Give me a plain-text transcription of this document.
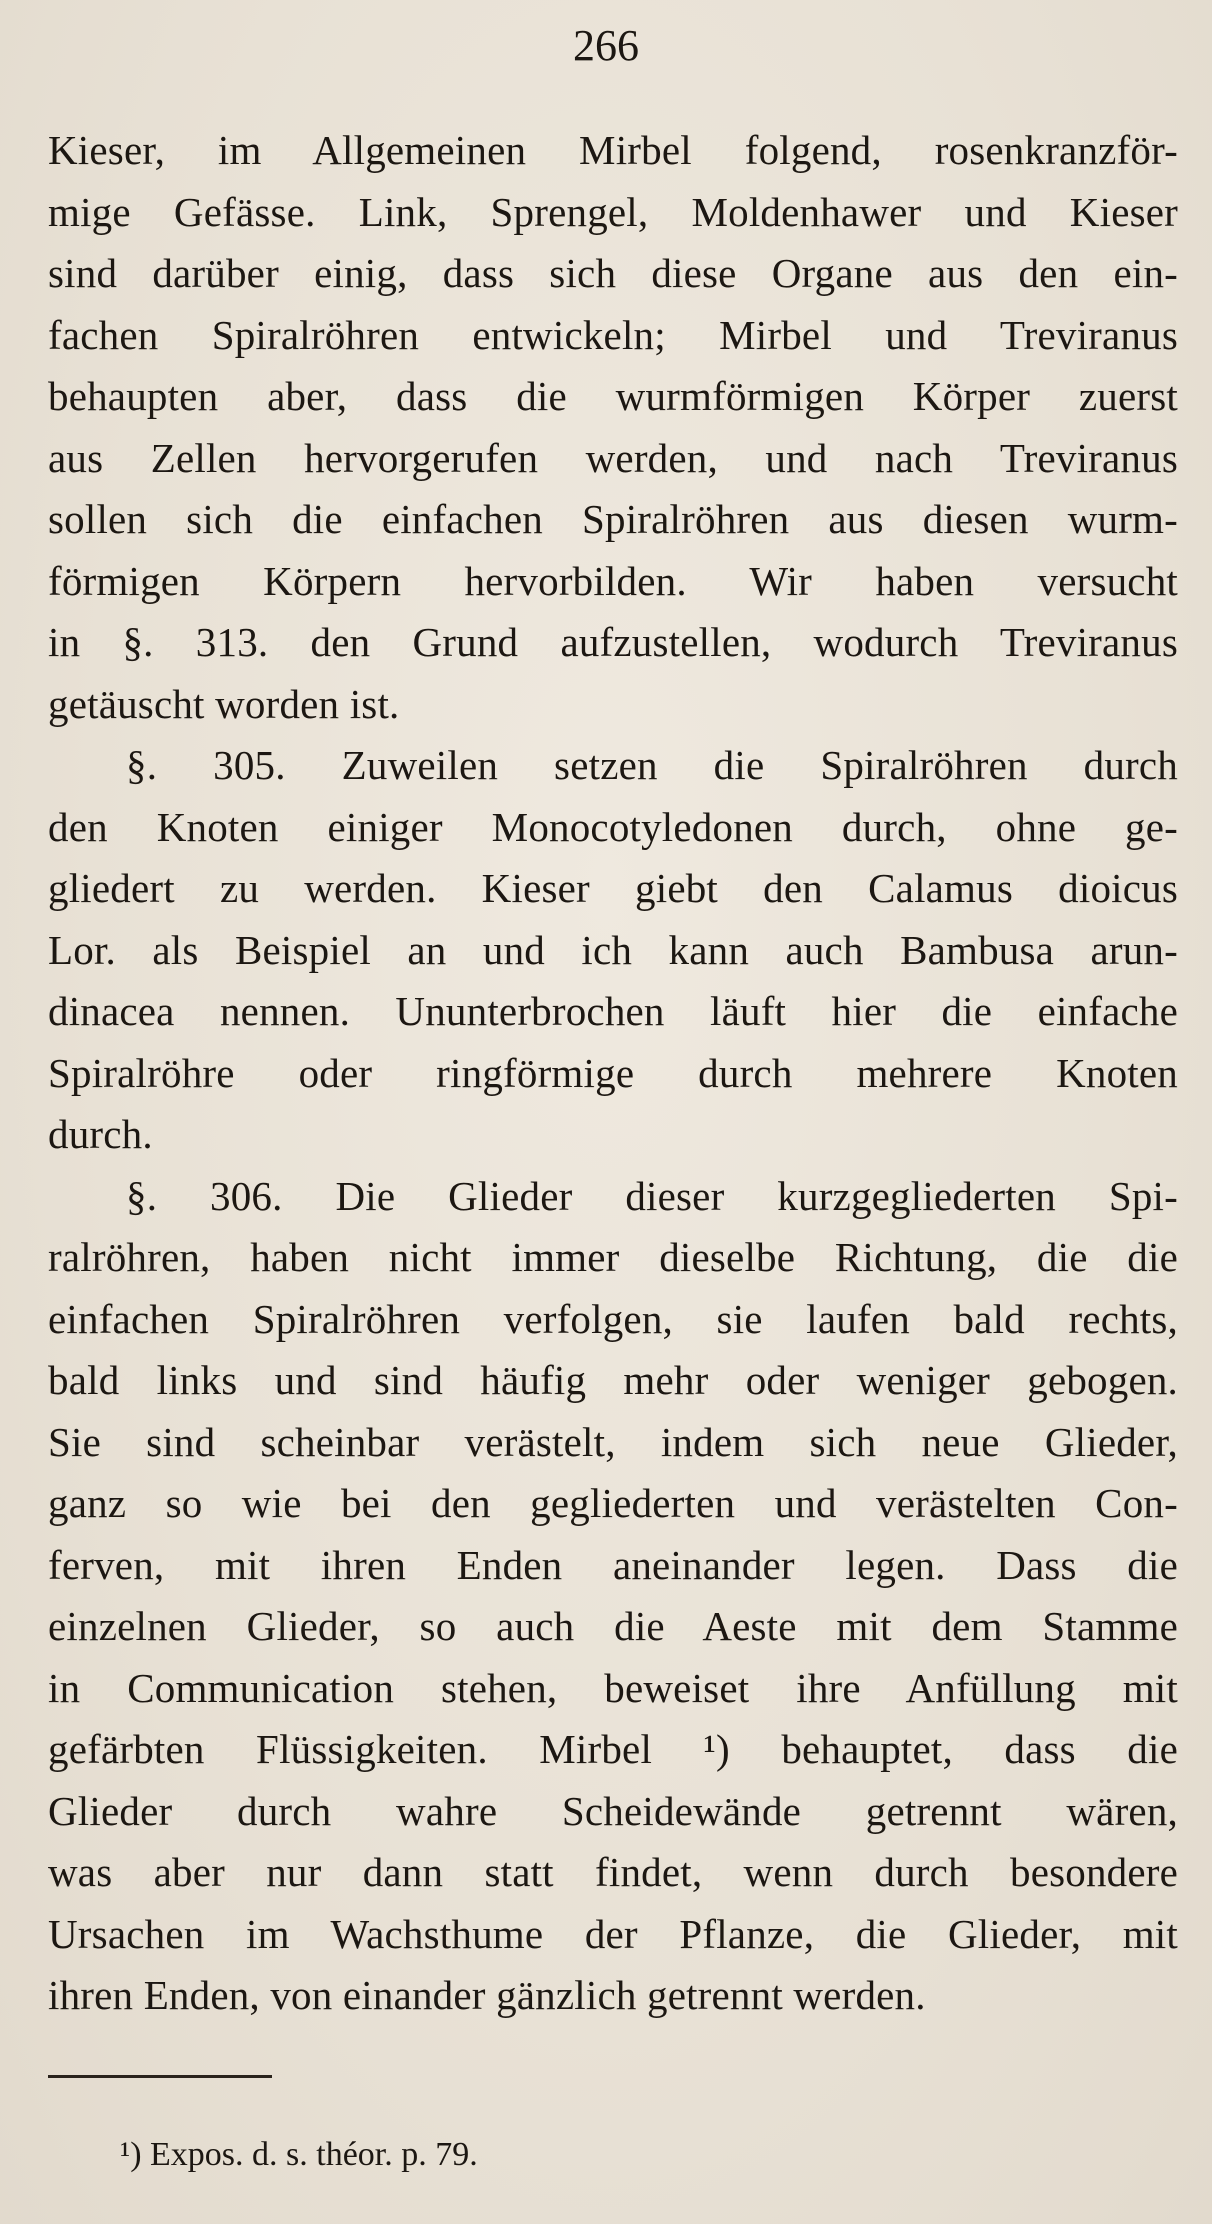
266
Kieser, im Allgemeinen Mirbel folgend, rosenkranzför-
mige Gefässe. Link, Sprengel, Moldenhawer und Kieser
sind darüber einig, dass sich diese Organe aus den ein-
fachen Spiralröhren entwickeln; Mirbel und Treviranus
behaupten aber, dass die wurmförmigen Körper zuerst
aus Zellen hervorgerufen werden, und nach Treviranus
sollen sich die einfachen Spiralröhren aus diesen wurm-
förmigen Körpern hervorbilden. Wir haben versucht
in §. 313. den Grund aufzustellen, wodurch Treviranus
getäuscht worden ist.
§. 305. Zuweilen setzen die Spiralröhren durch
den Knoten einiger Monocotyledonen durch, ohne ge-
gliedert zu werden. Kieser giebt den Calamus dioicus
Lor. als Beispiel an und ich kann auch Bambusa arun-
dinacea nennen. Ununterbrochen läuft hier die einfache
Spiralröhre oder ringförmige durch mehrere Knoten
durch.
§. 306. Die Glieder dieser kurzgegliederten Spi-
ralröhren, haben nicht immer dieselbe Richtung, die die
einfachen Spiralröhren verfolgen, sie laufen bald rechts,
bald links und sind häufig mehr oder weniger gebogen.
Sie sind scheinbar verästelt, indem sich neue Glieder,
ganz so wie bei den gegliederten und verästelten Con-
ferven, mit ihren Enden aneinander legen. Dass die
einzelnen Glieder, so auch die Aeste mit dem Stamme
in Communication stehen, beweiset ihre Anfüllung mit
gefärbten Flüssigkeiten. Mirbel ¹) behauptet, dass die
Glieder durch wahre Scheidewände getrennt wären,
was aber nur dann statt findet, wenn durch besondere
Ursachen im Wachsthume der Pflanze, die Glieder, mit
ihren Enden, von einander gänzlich getrennt werden.
¹) Expos. d. s. théor. p. 79.
